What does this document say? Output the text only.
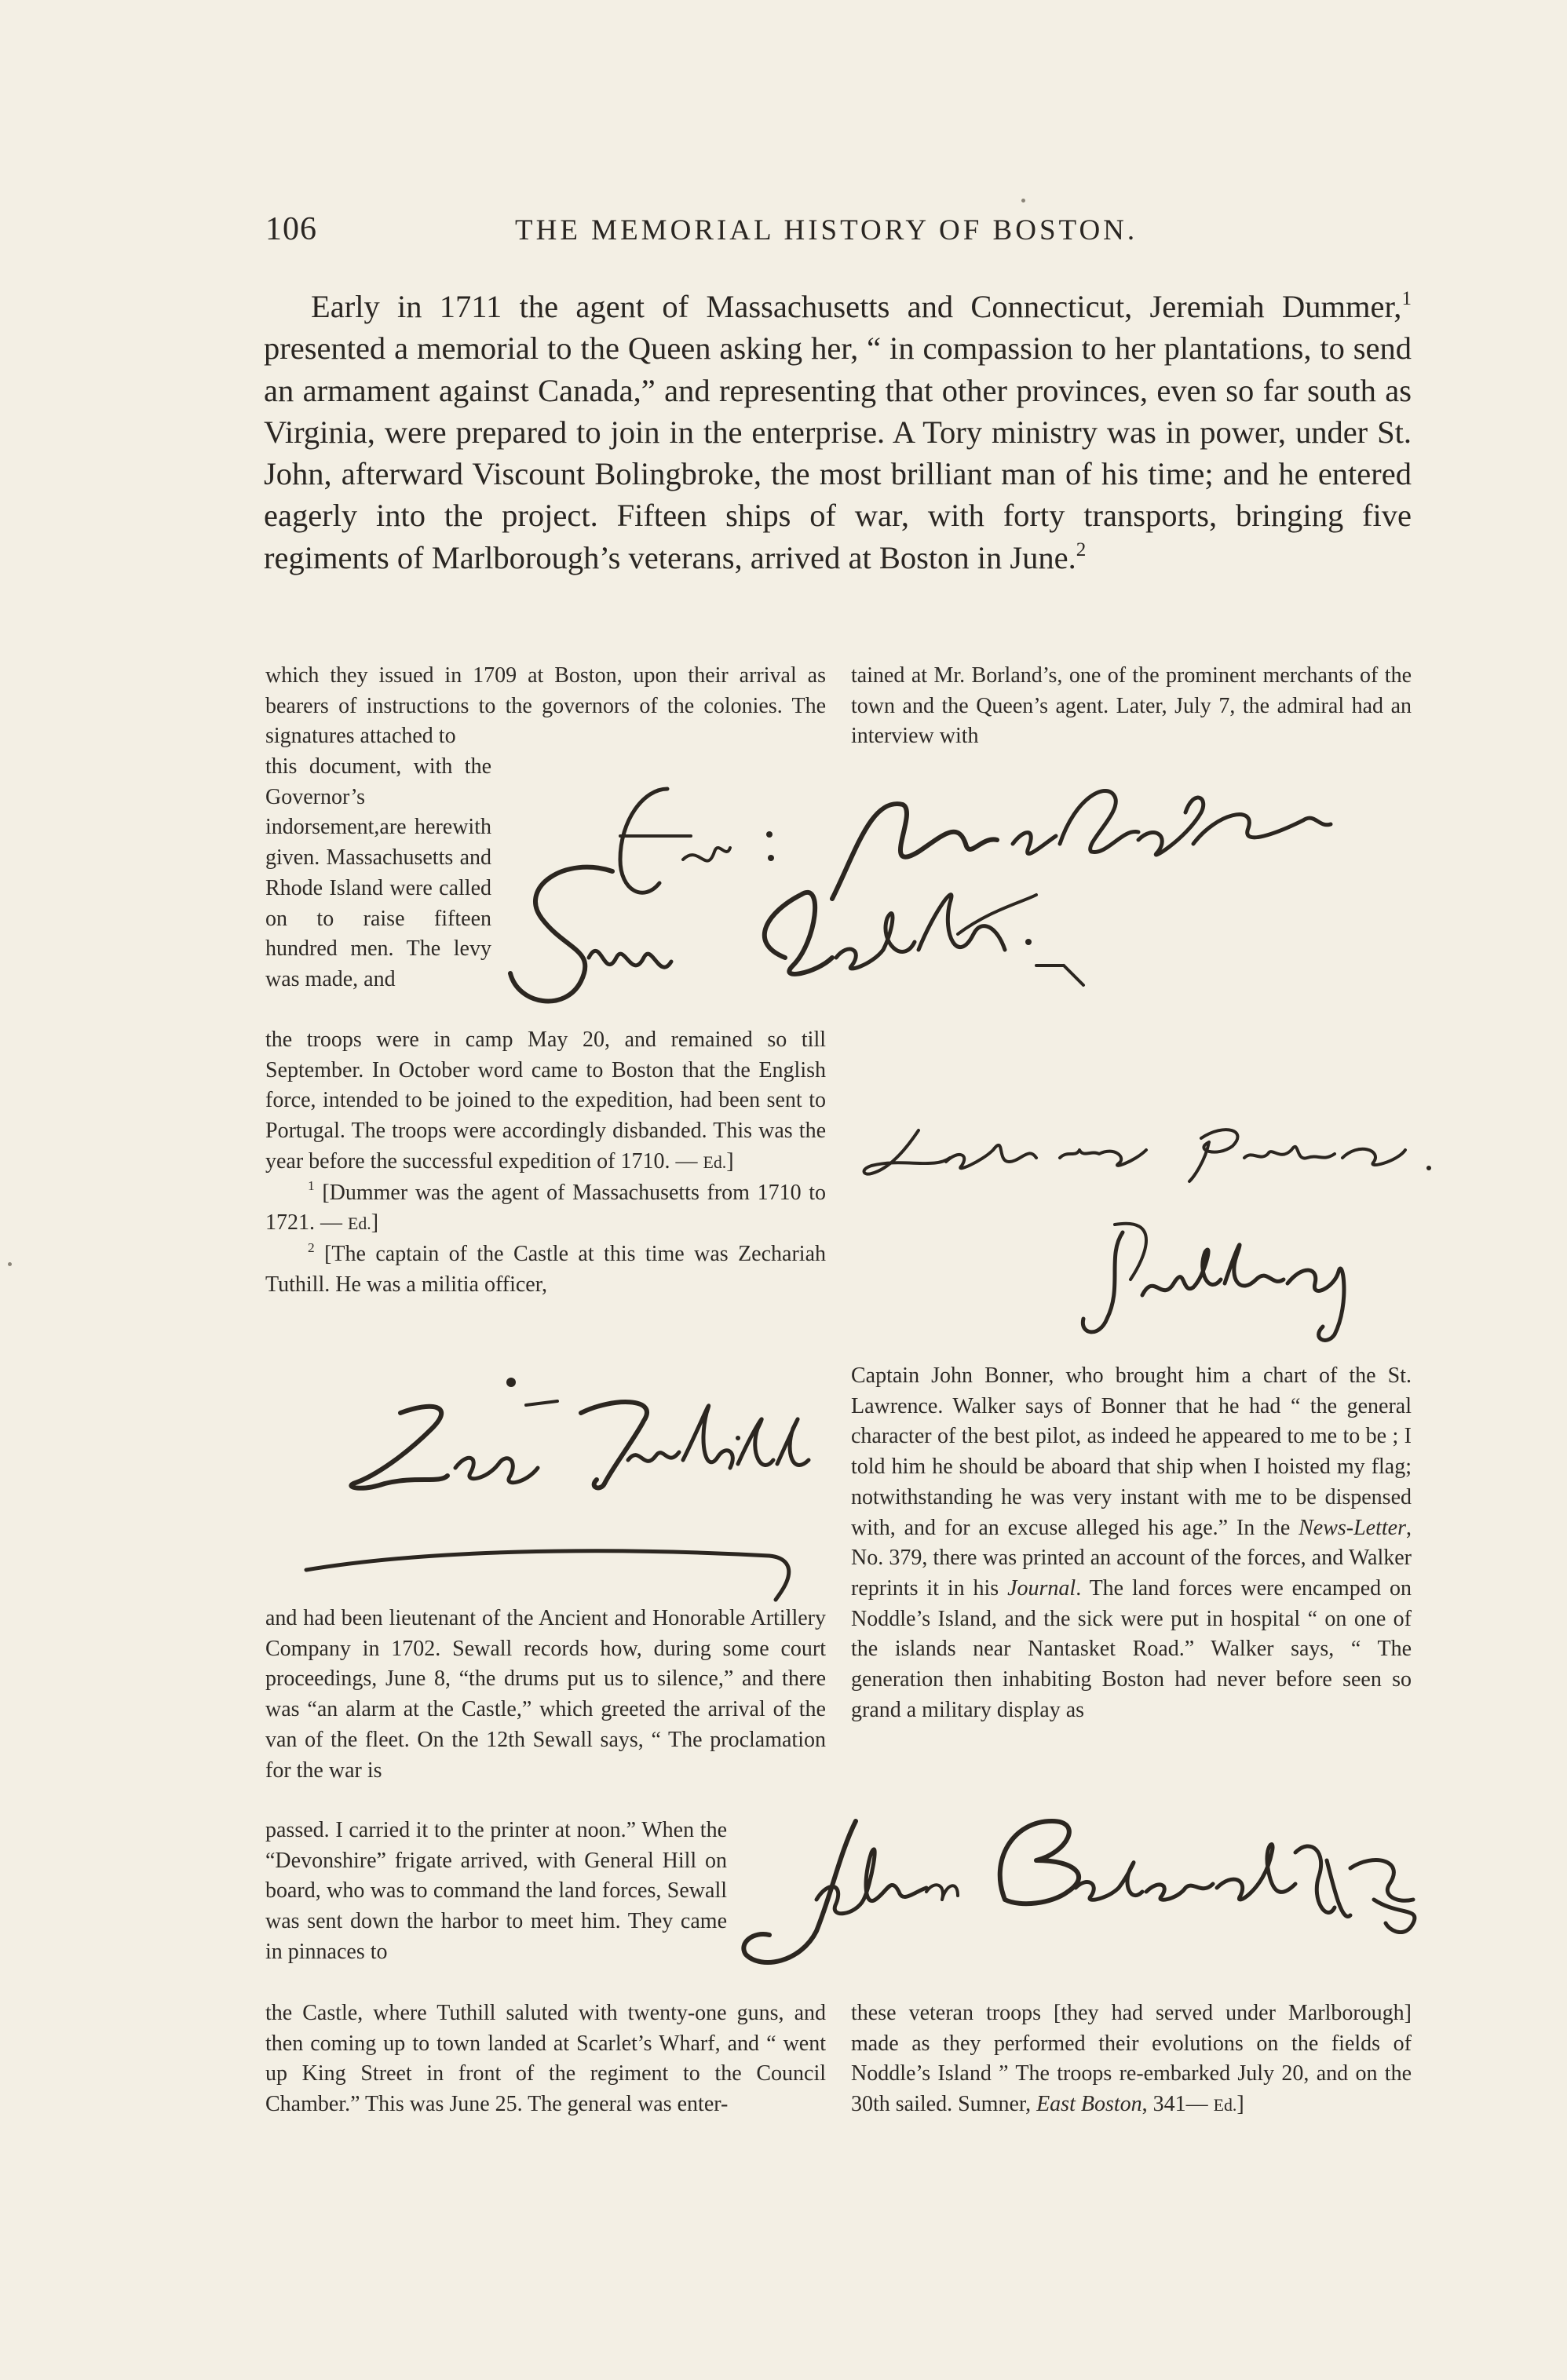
106	THE MEMORIAL HISTORY OF BOSTON.

Early in 1711 the agent of Massachusetts and Connecticut, Jeremiah Dummer,$^1$ presented a memorial to the Queen asking her, “ in compassion to her plantations, to send an armament against Canada,” and representing that other provinces, even so far south as Virginia, were prepared to join in the enterprise. A Tory ministry was in power, under St. John, afterward Viscount Bolingbroke, the most brilliant man of his time; and he entered eagerly into the project. Fifteen ships of war, with forty transports, bringing five regiments of Marlborough’s veterans, arrived at Boston in June.$^2$

which they issued in 1709 at Boston, upon their arrival as bearers of instructions to the governors of the colonies. The signatures attached to

this document, with the Governor’s indorsement,are herewith given. Massachusetts and Rhode Island were called on to raise fifteen hundred men. The levy was made, and

the troops were in camp May 20, and remained so till September. In October word came to Boston that the English force, intended to be joined to the expedition, had been sent to Portugal. The troops were accordingly disbanded. This was the year before the successful expedition of 1710. — Ed.]

$^1$ [Dummer was the agent of Massachusetts from 1710 to 1721. — Ed.]

$^2$ [The captain of the Castle at this time was Zechariah Tuthill. He was a militia officer,

and had been lieutenant of the Ancient and Honorable Artillery Company in 1702. Sewall records how, during some court proceedings, June 8, “the drums put us to silence,” and there was “an alarm at the Castle,” which greeted the arrival of the van of the fleet. On the 12th Sewall says, “ The proclamation for the war is

passed. I carried it to the printer at noon.” When the “Devonshire” frigate arrived, with General Hill on board, who was to command the land forces, Sewall was sent down the harbor to meet him. They came in pinnaces to

the Castle, where Tuthill saluted with twenty-one guns, and then coming up to town landed at Scarlet’s Wharf, and “ went up King Street in front of the regiment to the Council Chamber.” This was June 25. The general was enter-

tained at Mr. Borland’s, one of the prominent merchants of the town and the Queen’s agent. Later, July 7, the admiral had an interview with

Captain John Bonner, who brought him a chart of the St. Lawrence. Walker says of Bonner that he had “ the general character of the best pilot, as indeed he appeared to me to be ; I told him he should be aboard that ship when I hoisted my flag; notwithstanding he was very instant with me to be dispensed with, and for an excuse alleged his age.” In the News-Letter, No. 379, there was printed an account of the forces, and Walker reprints it in his Journal. The land forces were encamped on Noddle’s Island, and the sick were put in hospital “ on one of the islands near Nantasket Road.” Walker says, “ The generation then inhabiting Boston had never before seen so grand a military display as

these veteran troops [they had served under Marlborough] made as they performed their evolutions on the fields of Noddle’s Island ” The troops re-embarked July 20, and on the 30th sailed. Sumner, East Boston, 341— Ed.]
